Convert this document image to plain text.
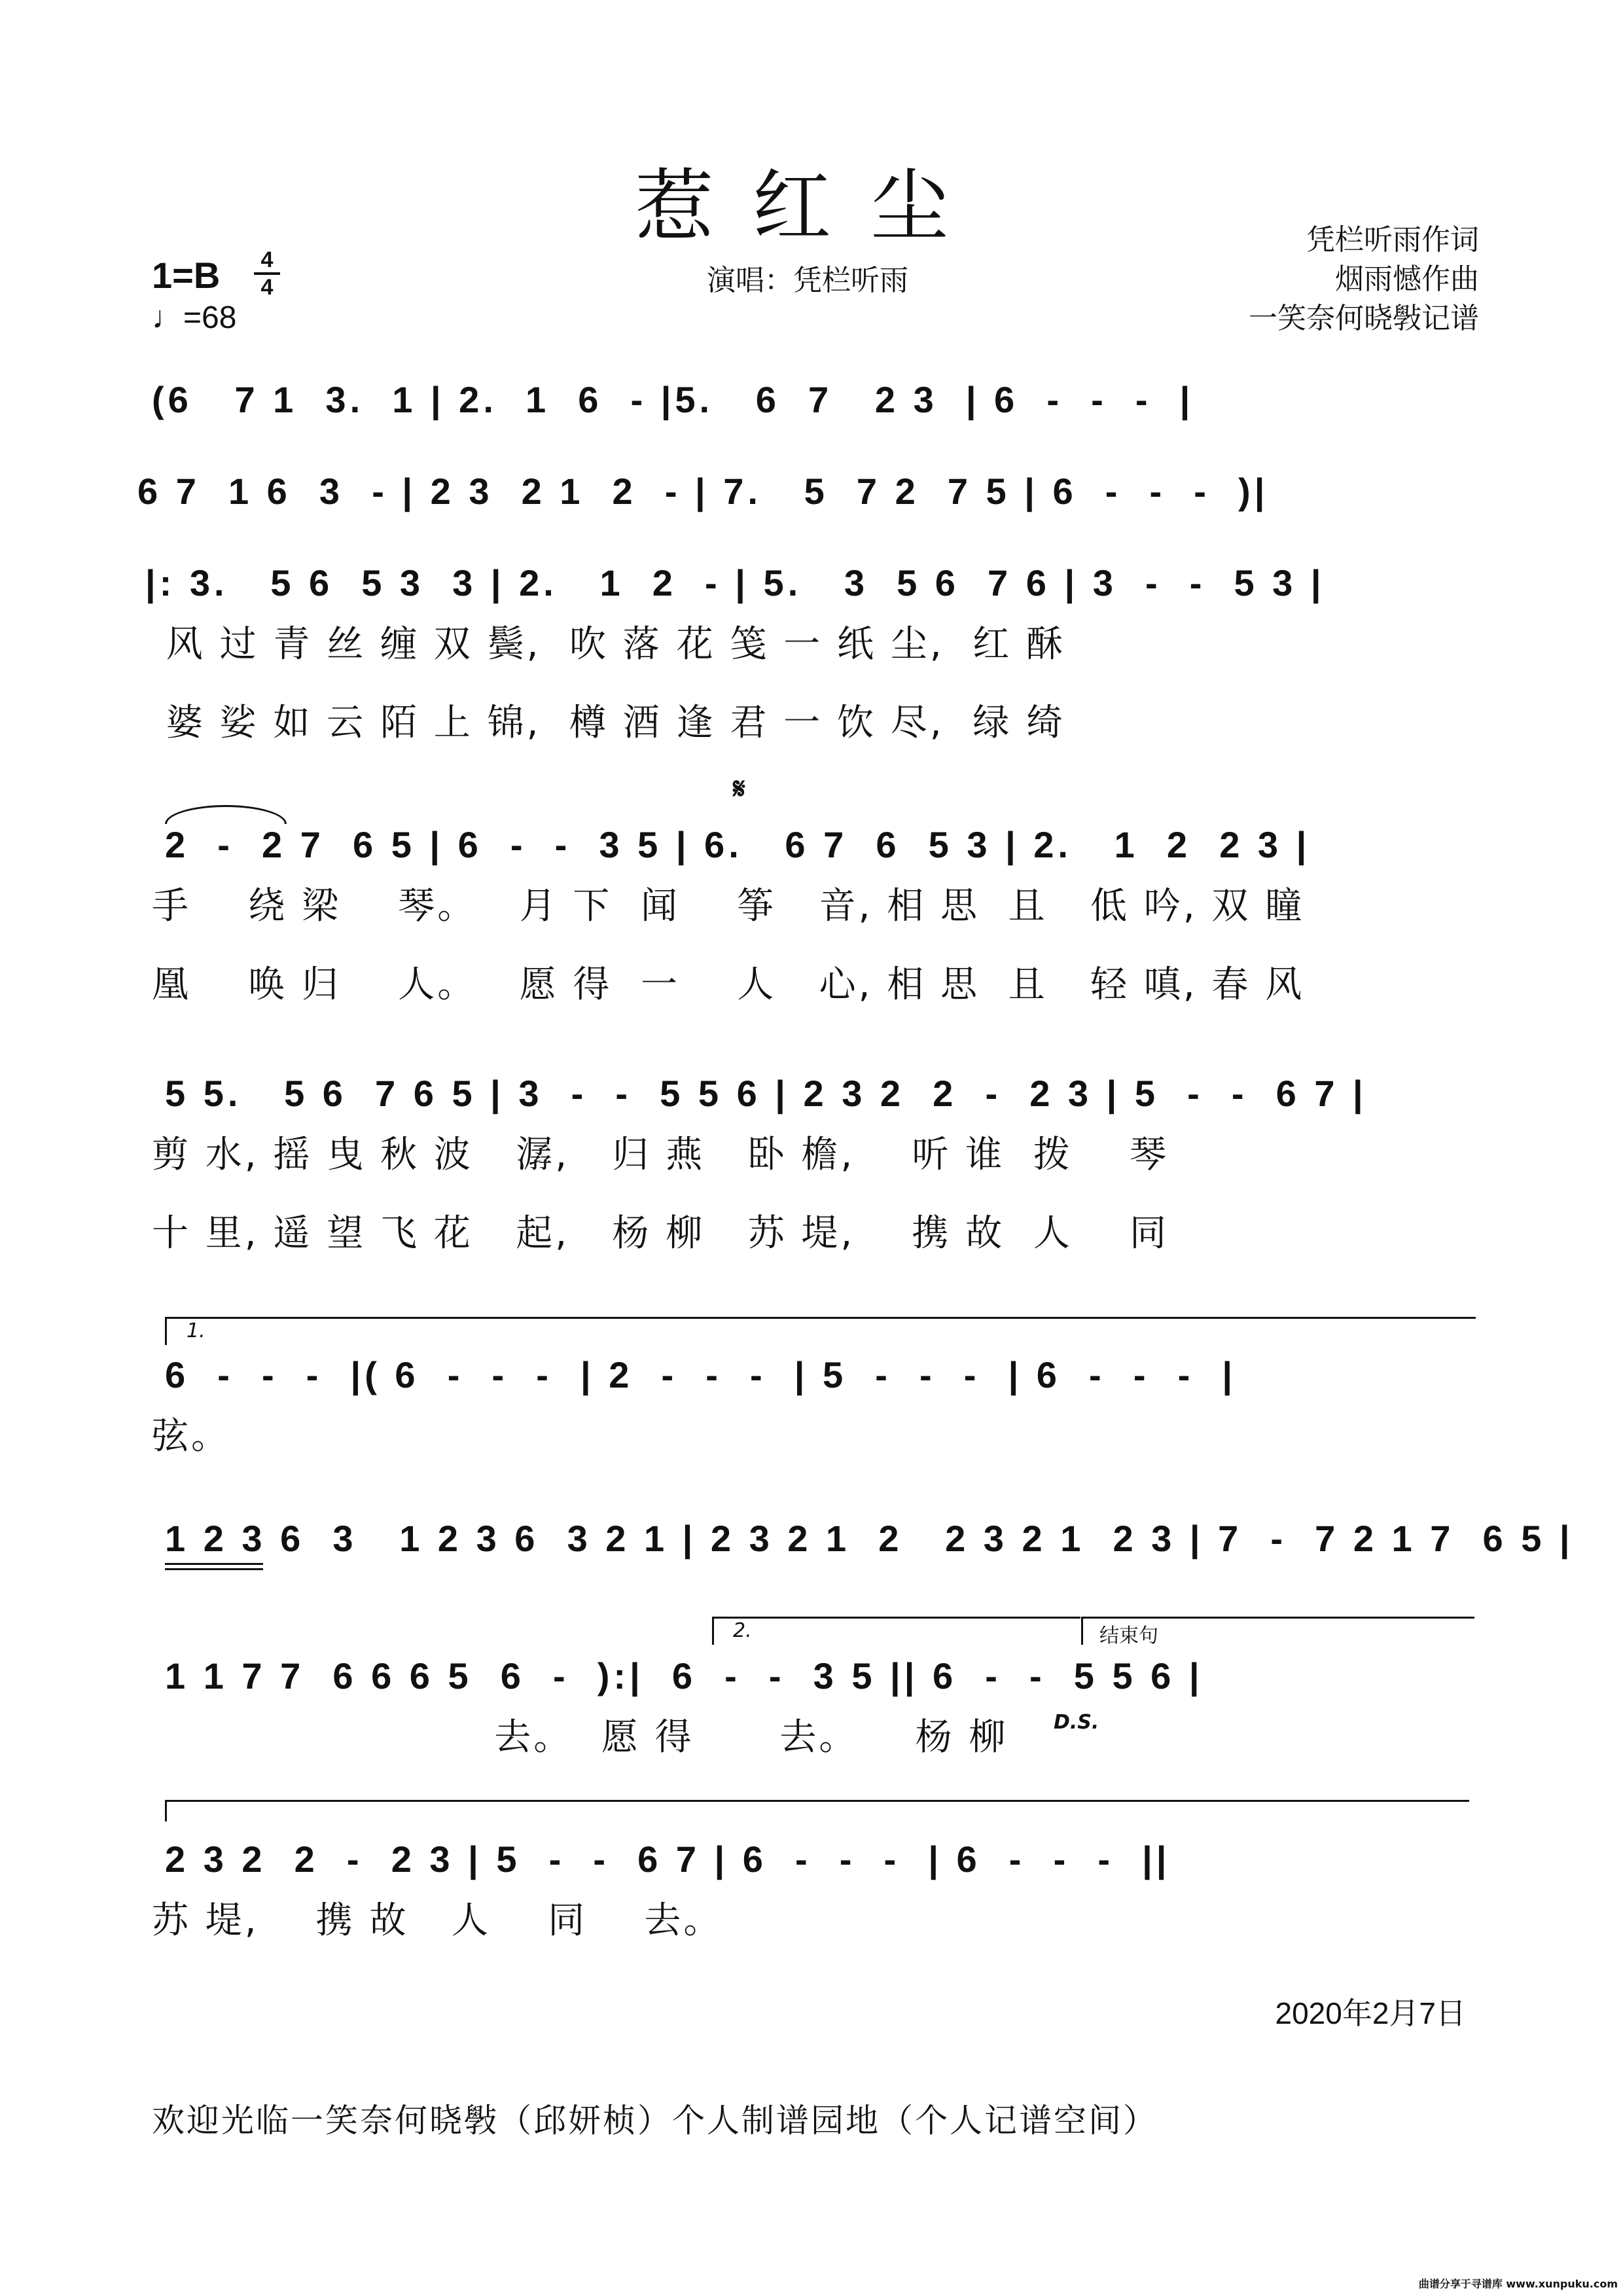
惹红尘	凭栏听雨作词
烟雨憾作曲
一笑奈何晓斅记谱
1=B	4
4
♩=68
演唱：凭栏听雨
(6   7 1  3.  1 | 2.  1  6  - |5.   6  7   2 3  | 6  -  -  -  |
6 7  1 6  3  - | 2 3  2 1  2  - | 7.   5  7 2  7 5 | 6  -  -  -  )|
|: 3.   5 6  5 3  3 | 2.   1  2  - | 5.   3  5 6  7 6 | 3  -  -  5 3 |
风 过 青 丝 缠 双 鬓,  吹 落 花 笺 一 纸 尘,  红 酥
婆 娑 如 云 陌 上 锦,  樽 酒 逢 君 一 饮 尽,  绿 绮
𝄋
2  -  2 7  6 5 | 6  -  -  3 5 | 6.   6 7  6  5 3 | 2.   1  2  2 3 |
手    绕 梁    琴。   月 下  闻    筝   音, 相 思  且   低 吟, 双 瞳
凰    唤 归    人。   愿 得  一    人   心, 相 思  且   轻 嗔, 春 风
5 5.   5 6  7 6 5 | 3  -  -  5 5 6 | 2 3 2  2  -  2 3 | 5  -  -  6 7 |
剪 水, 摇 曳 秋 波   潺,   归 燕   卧 檐,    听 谁  拨    琴
十 里, 遥 望 飞 花   起,   杨 柳   苏 堤,    携 故  人    同
1.
6  -  -  -  |( 6  -  -  -  | 2  -  -  -  | 5  -  -  -  | 6  -  -  -  |
弦。
1 2 3 6  3   1 2 3 6  3 2 1 | 2 3 2 1  2   2 3 2 1  2 3 | 7  -  7 2 1 7  6 5 |
2.	结束句
1 1 7 7  6 6 6 5  6  -  ):|  6  -  -  3 5 || 6  -  -  5 5 6 |
去。  愿 得      去。    杨 柳 D.S.
2 3 2  2  -  2 3 | 5  -  -  6 7 | 6  -  -  -  | 6  -  -  -  ||
苏 堤,    携 故   人    同    去。
2020年2月7日
欢迎光临一笑奈何晓斅（邱妍桢）个人制谱园地（个人记谱空间）
曲谱分享于寻谱库 www.xunpuku.com
